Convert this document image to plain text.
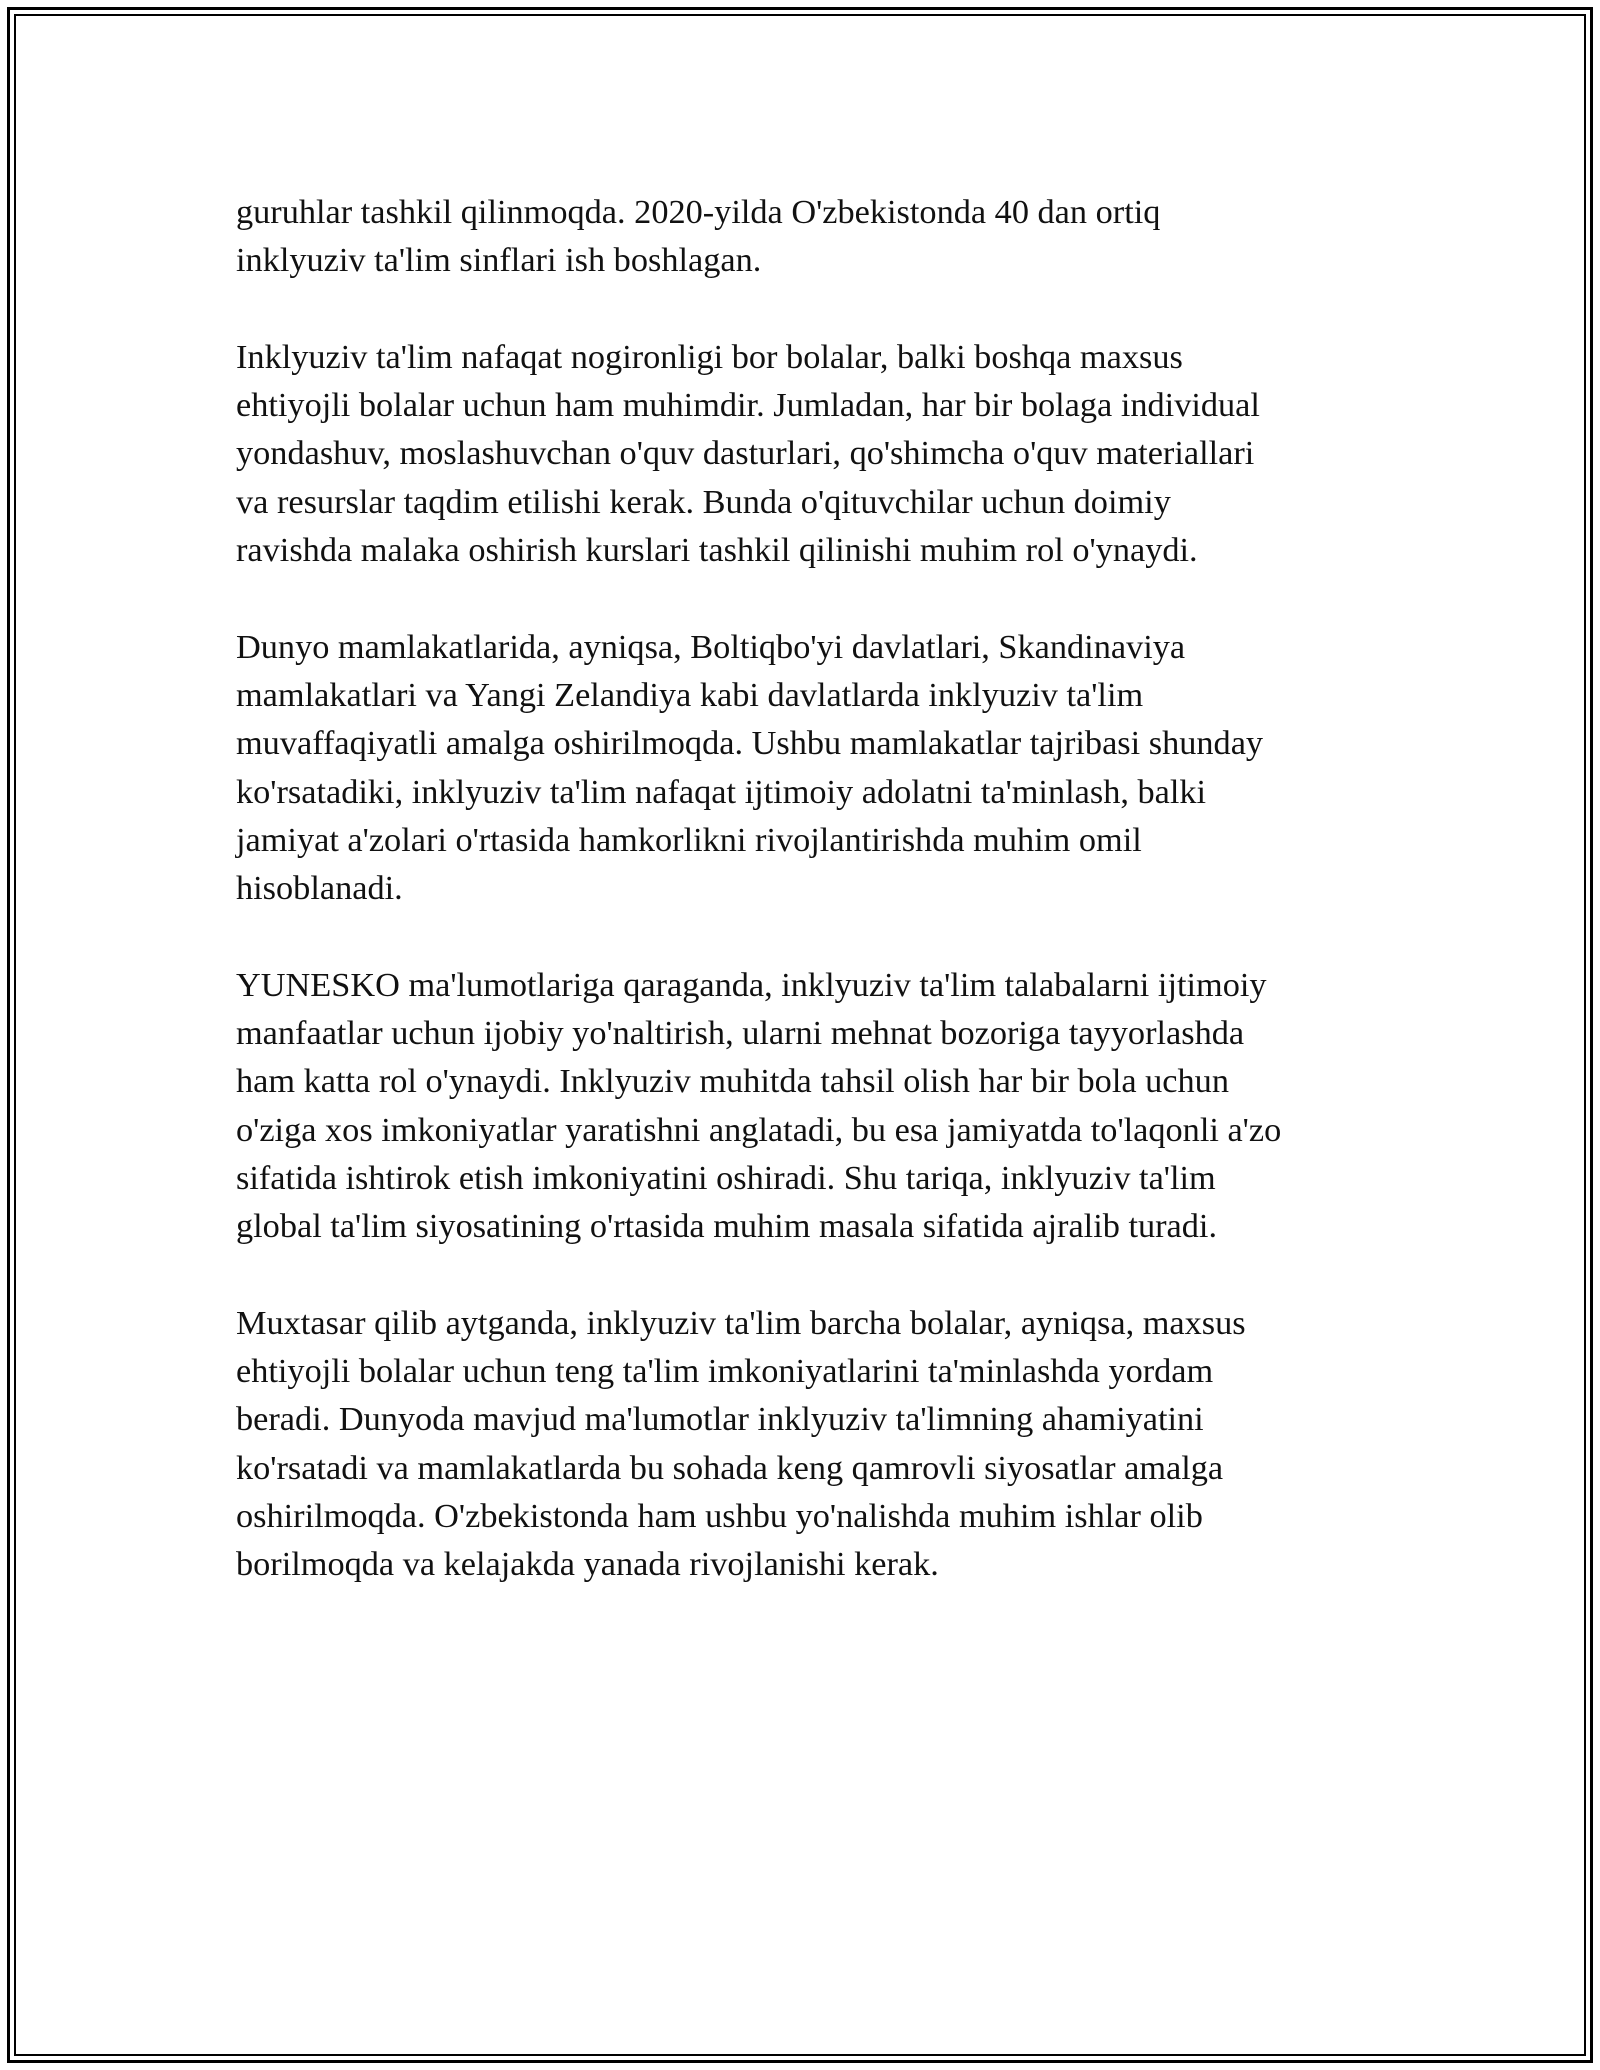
guruhlar tashkil qilinmoqda. 2020-yilda O'zbekistonda 40 dan ortiq
inklyuziv ta'lim sinflari ish boshlagan.

Inklyuziv ta'lim nafaqat nogironligi bor bolalar, balki boshqa maxsus
ehtiyojli bolalar uchun ham muhimdir. Jumladan, har bir bolaga individual
yondashuv, moslashuvchan o'quv dasturlari, qo'shimcha o'quv materiallari
va resurslar taqdim etilishi kerak. Bunda o'qituvchilar uchun doimiy
ravishda malaka oshirish kurslari tashkil qilinishi muhim rol o'ynaydi.

Dunyo mamlakatlarida, ayniqsa, Boltiqbo'yi davlatlari, Skandinaviya
mamlakatlari va Yangi Zelandiya kabi davlatlarda inklyuziv ta'lim
muvaffaqiyatli amalga oshirilmoqda. Ushbu mamlakatlar tajribasi shunday
ko'rsatadiki, inklyuziv ta'lim nafaqat ijtimoiy adolatni ta'minlash, balki
jamiyat a'zolari o'rtasida hamkorlikni rivojlantirishda muhim omil
hisoblanadi.

YUNESKO ma'lumotlariga qaraganda, inklyuziv ta'lim talabalarni ijtimoiy
manfaatlar uchun ijobiy yo'naltirish, ularni mehnat bozoriga tayyorlashda
ham katta rol o'ynaydi. Inklyuziv muhitda tahsil olish har bir bola uchun
o'ziga xos imkoniyatlar yaratishni anglatadi, bu esa jamiyatda to'laqonli a'zo
sifatida ishtirok etish imkoniyatini oshiradi. Shu tariqa, inklyuziv ta'lim
global ta'lim siyosatining o'rtasida muhim masala sifatida ajralib turadi.

Muxtasar qilib aytganda, inklyuziv ta'lim barcha bolalar, ayniqsa, maxsus
ehtiyojli bolalar uchun teng ta'lim imkoniyatlarini ta'minlashda yordam
beradi. Dunyoda mavjud ma'lumotlar inklyuziv ta'limning ahamiyatini
ko'rsatadi va mamlakatlarda bu sohada keng qamrovli siyosatlar amalga
oshirilmoqda. O'zbekistonda ham ushbu yo'nalishda muhim ishlar olib
borilmoqda va kelajakda yanada rivojlanishi kerak.
